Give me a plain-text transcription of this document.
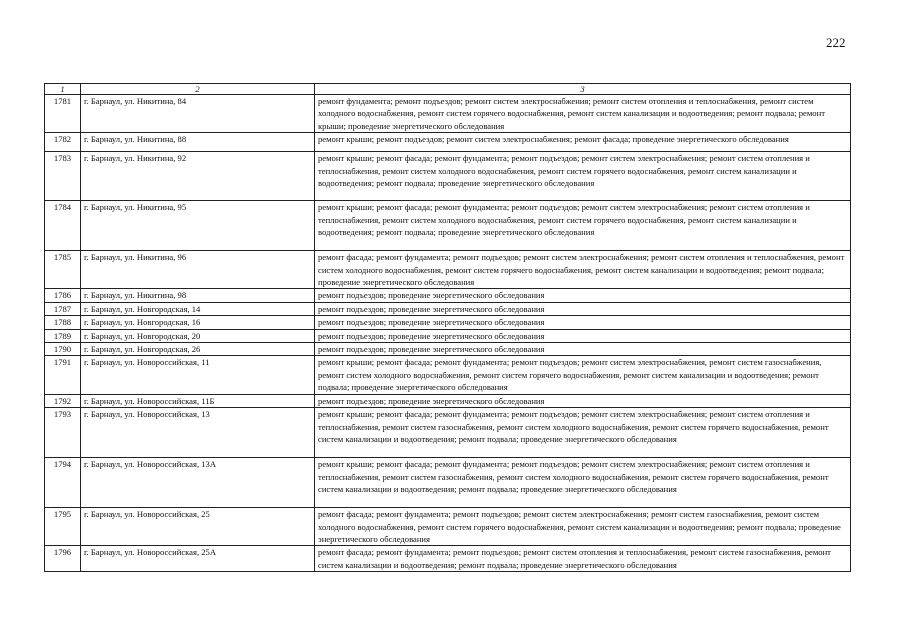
222
1	2	3
1781	г. Барнаул, ул. Никитина, 84	ремонт фундамента; ремонт подъездов; ремонт систем электроснабжения; ремонт систем отопления и теплоснабжения, ремонт систем холодного водоснабжения, ремонт систем горячего водоснабжения, ремонт систем канализации и водоотведения; ремонт подвала; ремонт крыши; проведение энергетического обследования
1782	г. Барнаул, ул. Никитина, 88	ремонт крыши; ремонт подъездов; ремонт систем электроснабжения; ремонт фасада; проведение энергетического обследования
1783	г. Барнаул, ул. Никитина, 92	ремонт крыши; ремонт фасада; ремонт фундамента; ремонт подъездов; ремонт систем электроснабжения; ремонт систем отопления и теплоснабжения, ремонт систем холодного водоснабжения, ремонт систем горячего водоснабжения, ремонт систем канализации и водоотведения; ремонт подвала; проведение энергетического обследования
1784	г. Барнаул, ул. Никитина, 95	ремонт крыши; ремонт фасада; ремонт фундамента; ремонт подъездов; ремонт систем электроснабжения; ремонт систем отопления и теплоснабжения, ремонт систем холодного водоснабжения, ремонт систем горячего водоснабжения, ремонт систем канализации и водоотведения; ремонт подвала; проведение энергетического обследования
1785	г. Барнаул, ул. Никитина, 96	ремонт фасада; ремонт фундамента; ремонт подъездов; ремонт систем электроснабжения; ремонт систем отопления и теплоснабжения, ремонт систем холодного водоснабжения, ремонт систем горячего водоснабжения, ремонт систем канализации и водоотведения; ремонт подвала; проведение энергетического обследования
1786	г. Барнаул, ул. Никитина, 98	ремонт подъездов; проведение энергетического обследования
1787	г. Барнаул, ул. Новгородская, 14	ремонт подъездов; проведение энергетического обследования
1788	г. Барнаул, ул. Новгородская, 16	ремонт подъездов; проведение энергетического обследования
1789	г. Барнаул, ул. Новгородская, 20	ремонт подъездов; проведение энергетического обследования
1790	г. Барнаул, ул. Новгородская, 26	ремонт подъездов; проведение энергетического обследования
1791	г. Барнаул, ул. Новороссийская, 11	ремонт крыши; ремонт фасада; ремонт фундамента; ремонт подъездов; ремонт систем электроснабжения, ремонт систем газоснабжения, ремонт систем холодного водоснабжения, ремонт систем горячего водоснабжения, ремонт систем канализации и водоотведения; ремонт подвала; проведение энергетического обследования
1792	г. Барнаул, ул. Новороссийская, 11Б	ремонт подъездов; проведение энергетического обследования
1793	г. Барнаул, ул. Новороссийская, 13	ремонт крыши; ремонт фасада; ремонт фундамента; ремонт подъездов; ремонт систем электроснабжения; ремонт систем отопления и теплоснабжения, ремонт систем газоснабжения, ремонт систем холодного водоснабжения, ремонт систем горячего водоснабжения, ремонт систем канализации и водоотведения; ремонт подвала; проведение энергетического обследования
1794	г. Барнаул, ул. Новороссийская, 13А	ремонт крыши; ремонт фасада; ремонт фундамента; ремонт подъездов; ремонт систем электроснабжения; ремонт систем отопления и теплоснабжения, ремонт систем газоснабжения, ремонт систем холодного водоснабжения, ремонт систем горячего водоснабжения, ремонт систем канализации и водоотведения; ремонт подвала; проведение энергетического обследования
1795	г. Барнаул, ул. Новороссийская, 25	ремонт фасада; ремонт фундамента; ремонт подъездов; ремонт систем электроснабжения; ремонт систем газоснабжения, ремонт систем холодного водоснабжения, ремонт систем горячего водоснабжения, ремонт систем канализации и водоотведения; ремонт подвала; проведение энергетического обследования
1796	г. Барнаул, ул. Новороссийская, 25А	ремонт фасада; ремонт фундамента; ремонт подъездов; ремонт систем отопления и теплоснабжения, ремонт систем газоснабжения, ремонт систем канализации и водоотведения; ремонт подвала; проведение энергетического обследования
